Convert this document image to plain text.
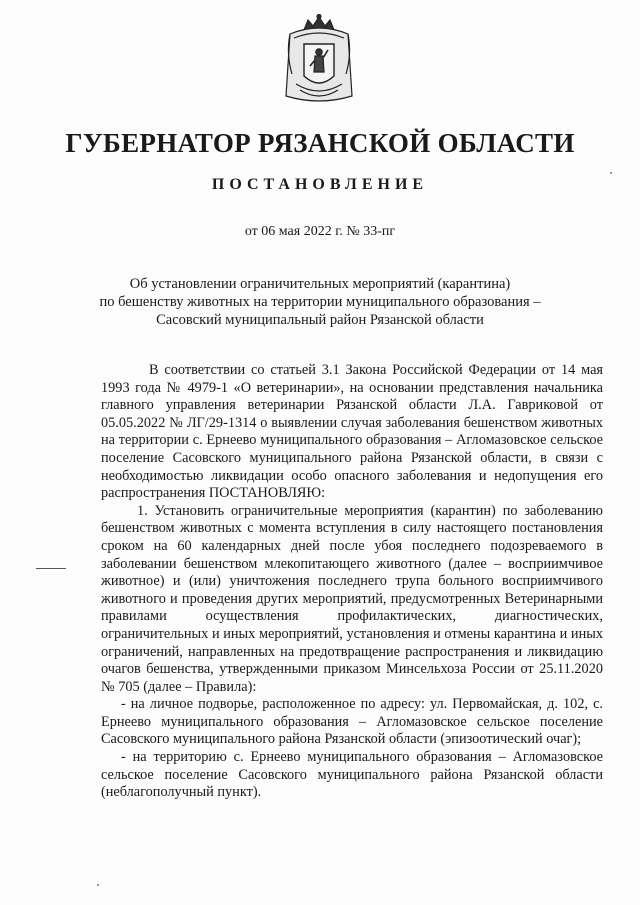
ГУБЕРНАТОР РЯЗАНСКОЙ ОБЛАСТИ
ПОСТАНОВЛЕНИЕ
от 06 мая 2022 г. № 33-пг
Об установлении ограничительных мероприятий (карантина)
по бешенству животных на территории муниципального образования –
Сасовский муниципальный район Рязанской области

В соответствии со статьей 3.1 Закона Российской Федерации от 14 мая 1993 года № 4979-1 «О ветеринарии», на основании представления начальника главного управления ветеринарии Рязанской области Л.А. Гавриковой от 05.05.2022 № ЛГ/29-1314 о выявлении случая заболевания бешенством животных на территории с. Ернеево муниципального образования – Агломазовское сельское поселение Сасовского муниципального района Рязанской области, в связи с необходимостью ликвидации особо опасного заболевания и недопущения его распространения ПОСТАНОВЛЯЮ:

1. Установить ограничительные мероприятия (карантин) по заболеванию бешенством животных с момента вступления в силу настоящего постановления сроком на 60 календарных дней после убоя последнего подозреваемого в заболевании бешенством млекопитающего животного (далее – восприимчивое животное) и (или) уничтожения последнего трупа больного восприимчивого животного и проведения других мероприятий, предусмотренных Ветеринарными правилами осуществления профилактических, диагностических, ограничительных и иных мероприятий, установления и отмены карантина и иных ограничений, направленных на предотвращение распространения и ликвидацию очагов бешенства, утвержденными приказом Минсельхоза России от 25.11.2020 № 705 (далее – Правила):

- на личное подворье, расположенное по адресу: ул. Первомайская, д. 102, с. Ернеево муниципального образования – Агломазовское сельское поселение Сасовского муниципального района Рязанской области (эпизоотический очаг);

- на территорию с. Ернеево муниципального образования – Агломазовское сельское поселение Сасовского муниципального района Рязанской области (неблагополучный пункт).
